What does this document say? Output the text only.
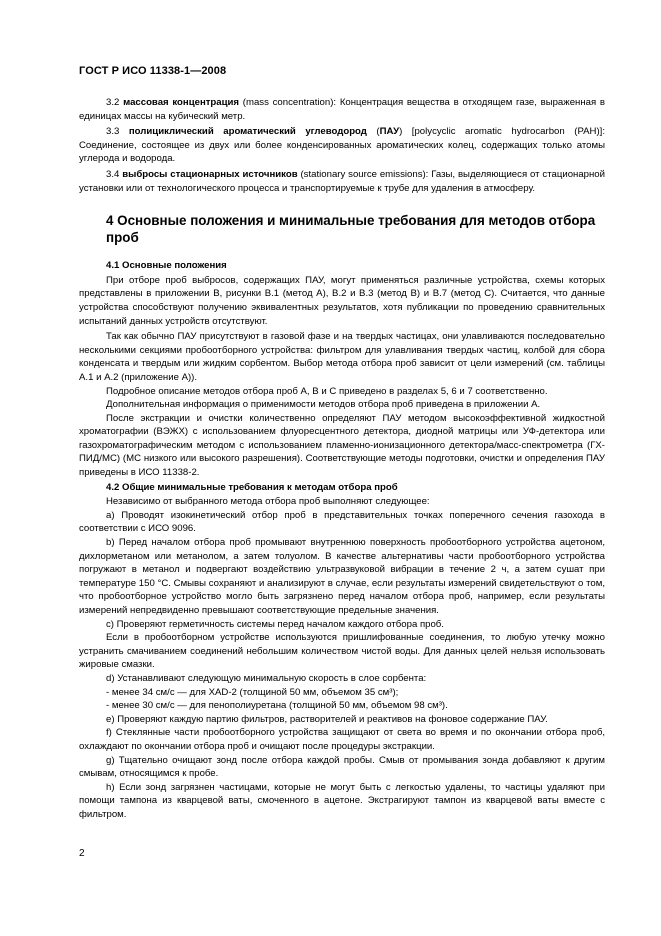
ГОСТ Р ИСО 11338-1—2008

3.2 массовая концентрация (mass concentration): Концентрация вещества в отходящем газе, выраженная в единицах массы на кубический метр.

3.3 полициклический ароматический углеводород (ПАУ) [polycyclic aromatic hydrocarbon (PAH)]: Соединение, состоящее из двух или более конденсированных ароматических колец, содержащих только атомы углерода и водорода.

3.4 выбросы стационарных источников (stationary source emissions): Газы, выделяющиеся от стационарной установки или от технологического процесса и транспортируемые к трубе для удаления в атмосферу.

4 Основные положения и минимальные требования для методов отбора проб
4.1 Основные положения

При отборе проб выбросов, содержащих ПАУ, могут применяться различные устройства, схемы которых представлены в приложении В, рисунки В.1 (метод А), В.2 и В.3 (метод В) и В.7 (метод С). Считается, что данные устройства способствуют получению эквивалентных результатов, хотя публикации по проведению сравнительных испытаний данных устройств отсутствуют.

Так как обычно ПАУ присутствуют в газовой фазе и на твердых частицах, они улавливаются последовательно несколькими секциями пробоотборного устройства: фильтром для улавливания твердых частиц, колбой для сбора конденсата и твердым или жидким сорбентом. Выбор метода отбора проб зависит от цели измерений (см. таблицы А.1 и А.2 (приложение А)).

Подробное описание методов отбора проб А, В и С приведено в разделах 5, 6 и 7 соответственно.

Дополнительная информация о применимости методов отбора проб приведена в приложении А.

После экстракции и очистки количественно определяют ПАУ методом высокоэффективной жидкостной хроматографии (ВЭЖХ) с использованием флуоресцентного детектора, диодной матрицы или УФ-детектора или газохроматографическим методом с использованием пламенно-ионизационного детектора/масс-спектрометра (ГХ-ПИД/МС) (МС низкого или высокого разрешения). Соответствующие методы подготовки, очистки и определения ПАУ приведены в ИСО 11338-2.

4.2 Общие минимальные требования к методам отбора проб

Независимо от выбранного метода отбора проб выполняют следующее:

а) Проводят изокинетический отбор проб в представительных точках поперечного сечения газохода в соответствии с ИСО 9096.

b) Перед началом отбора проб промывают внутреннюю поверхность пробоотборного устройства ацетоном, дихлорметаном или метанолом, а затем толуолом. В качестве альтернативы части пробоотборного устройства погружают в метанол и подвергают воздействию ультразвуковой вибрации в течение 2 ч, а затем сушат при температуре 150 °С. Смывы сохраняют и анализируют в случае, если результаты измерений свидетельствуют о том, что пробоотборное устройство могло быть загрязнено перед началом отбора проб, например, если результаты измерений непредвиденно превышают соответствующие предельные значения.

с) Проверяют герметичность системы перед началом каждого отбора проб.

Если в пробоотборном устройстве используются пришлифованные соединения, то любую утечку можно устранить смачиванием соединений небольшим количеством чистой воды. Для данных целей нельзя использовать жировые смазки.

d) Устанавливают следующую минимальную скорость в слое сорбента:

- менее 34 см/с — для XAD-2 (толщиной 50 мм, объемом 35 см³);

- менее 30 см/с — для пенополиуретана (толщиной 50 мм, объемом 98 см³).

е) Проверяют каждую партию фильтров, растворителей и реактивов на фоновое содержание ПАУ.

f) Стеклянные части пробоотборного устройства защищают от света во время и по окончании отбора проб, охлаждают по окончании отбора проб и очищают после процедуры экстракции.

g) Тщательно очищают зонд после отбора каждой пробы. Смыв от промывания зонда добавляют к другим смывам, относящимся к пробе.

h) Если зонд загрязнен частицами, которые не могут быть с легкостью удалены, то частицы удаляют при помощи тампона из кварцевой ваты, смоченного в ацетоне. Экстрагируют тампон из кварцевой ваты вместе с фильтром.

2
